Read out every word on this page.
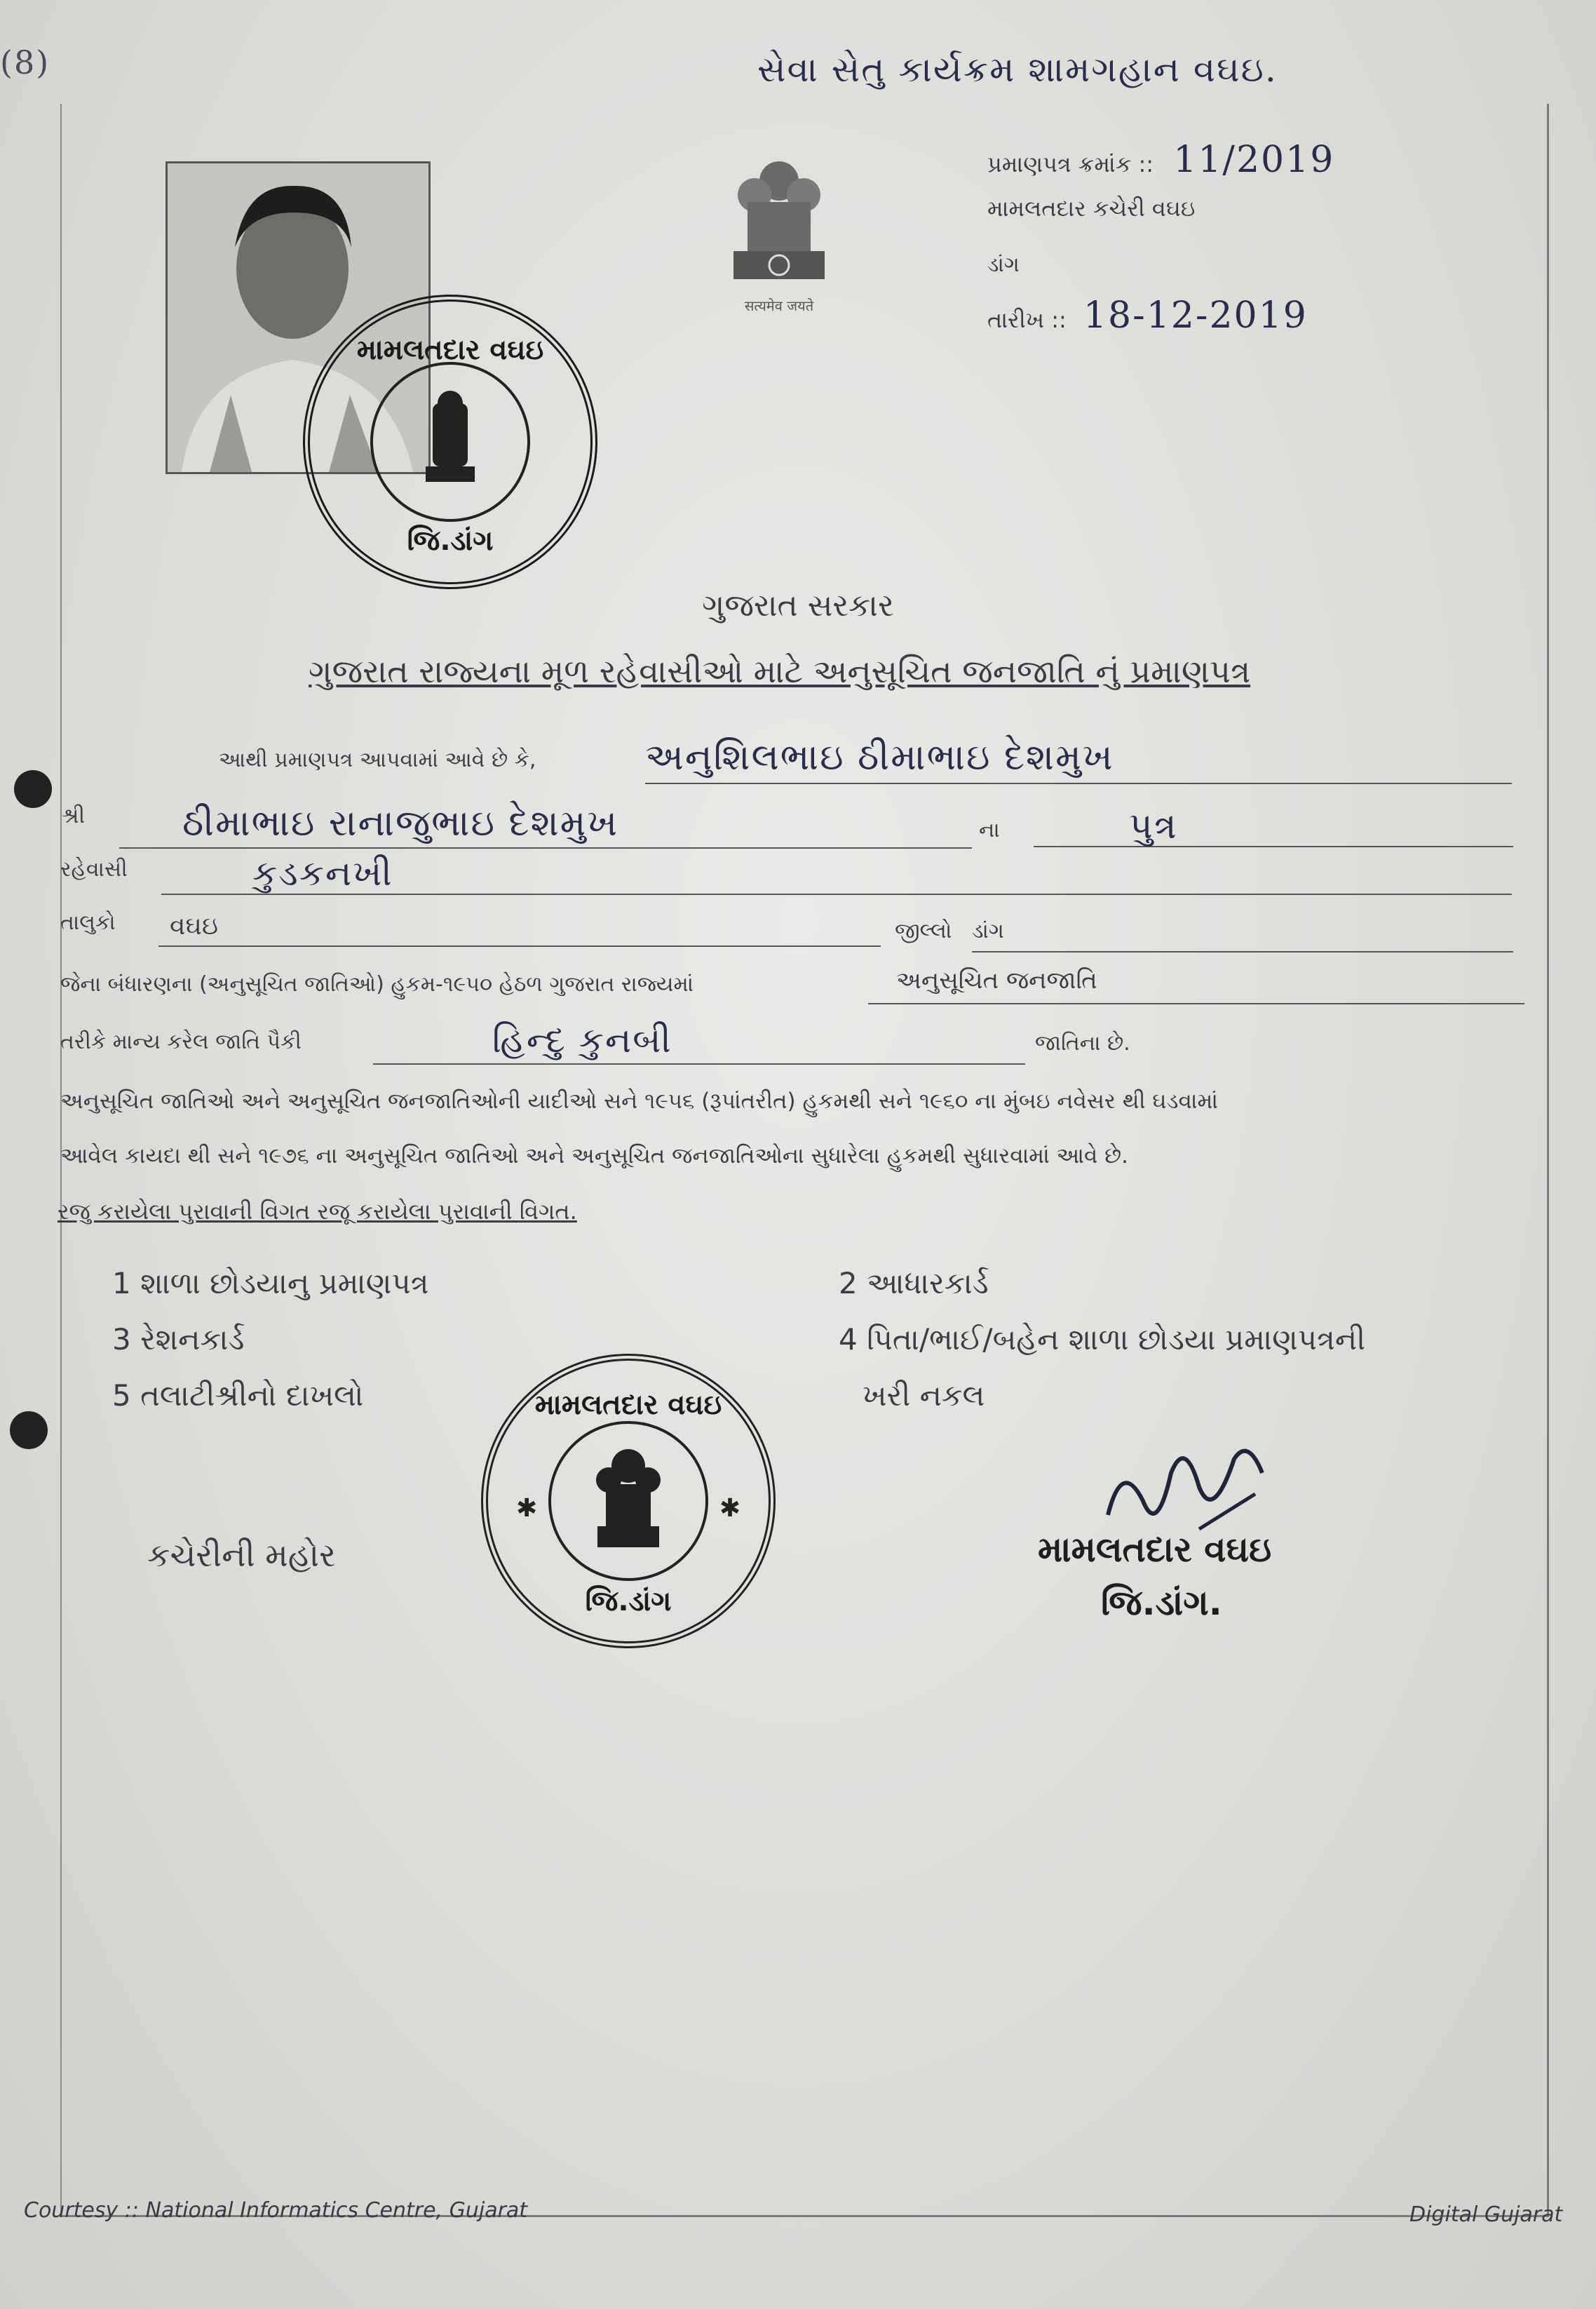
(8)	સેવા સેતુ કાર્યક્રમ શામગહાન વઘઇ.
મામલતદાર વઘઇ
જિ.ડાંગ
सत्यमेव जयते
પ્રમાણપત્ર ક્રમાંક :: 11/2019
મામલતદાર કચેરી વઘઇ
ડાંગ
તારીખ :: 18-12-2019
ગુજરાત સરકાર
ગુજરાત રાજ્યના મૂળ રહેવાસીઓ માટે અનુસૂચિત જનજાતિ નું પ્રમાણપત્ર
આથી પ્રમાણપત્ર આપવામાં આવે છે કે,	અનુશિલભાઇ ઠીમાભાઇ દેશમુખ
શ્રી	ઠીમાભાઇ રાનાજુભાઇ દેશમુખ	ના	પુત્ર
રહેવાસી	કુડકનખી
તાલુકો	વઘઇ	જીલ્લો ડાંગ
જેના બંધારણના (અનુસૂચિત જાતિઓ) હુકમ-૧૯૫૦ હેઠળ ગુજરાત રાજ્યમાં	અનુસૂચિત જનજાતિ
તરીકે માન્ય કરેલ જાતિ પૈકી	હિન્દુ કુનબી	જાતિના છે.
અનુસૂચિત જાતિઓ અને અનુસૂચિત જનજાતિઓની યાદીઓ સને ૧૯૫૬ (રૂપાંતરીત) હુકમથી સને ૧૯૬૦ ના મુંબઇ નવેસર થી ઘડવામાં
આવેલ કાયદા થી સને ૧૯૭૬ ના અનુસૂચિત જાતિઓ અને અનુસૂચિત જનજાતિઓના સુધારેલા હુકમથી સુધારવામાં આવે છે.
રજુ કરાયેલા પુરાવાની વિગત રજૂ કરાયેલા પુરાવાની વિગત.
1 શાળા છોડયાનુ પ્રમાણપત્ર
3 રેશનકાર્ડ
5 તલાટીશ્રીનો દાખલો
2 આધારકાર્ડ
4 પિતા/ભાઈ/બહેન શાળા છોડયા પ્રમાણપત્રની
ખરી નકલ
કચેરીની મહોર
મામલતદાર વઘઇ
જિ.ડાંગ
✱	✱
મામલતદાર વઘઇ
જિ.ડાંગ.
Courtesy :: National Informatics Centre, Gujarat	Digital Gujarat
